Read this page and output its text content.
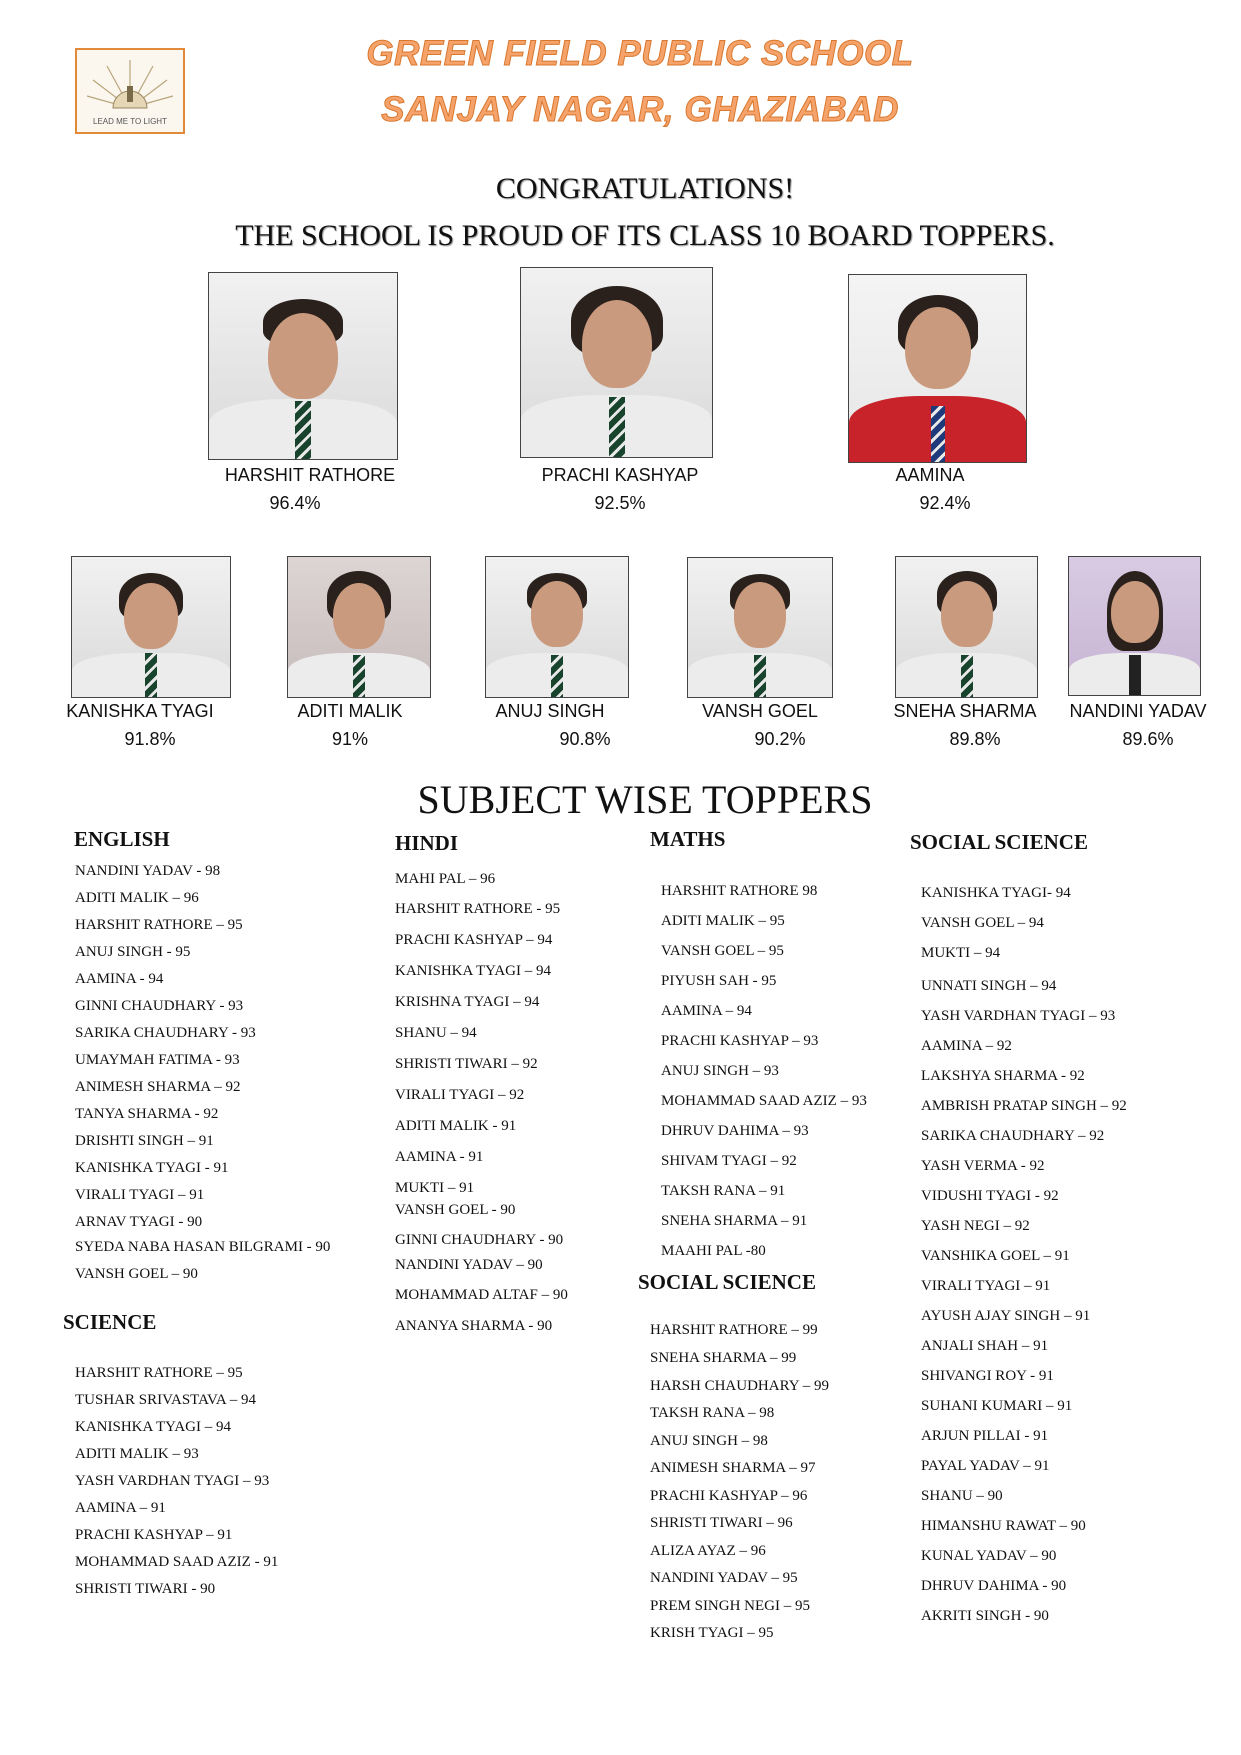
LEAD ME TO LIGHT
GREEN FIELD PUBLIC SCHOOL
SANJAY NAGAR, GHAZIABAD
CONGRATULATIONS!
THE SCHOOL IS PROUD OF ITS CLASS 10 BOARD TOPPERS.
HARSHIT RATHORE
96.4%
PRACHI KASHYAP
92.5%
AAMINA
92.4%
KANISHKA TYAGI
91.8%
ADITI MALIK
91%
ANUJ SINGH
90.8%
VANSH GOEL
90.2%
SNEHA SHARMA
89.8%
NANDINI YADAV
89.6%
SUBJECT WISE TOPPERS
ENGLISH
SCIENCE
HINDI	MATHS
SOCIAL SCIENCE
SOCIAL SCIENCE
NANDINI YADAV - 98
ADITI MALIK – 96
HARSHIT RATHORE – 95
ANUJ SINGH - 95
AAMINA - 94
GINNI CHAUDHARY - 93
SARIKA CHAUDHARY - 93
UMAYMAH FATIMA - 93
ANIMESH SHARMA – 92
TANYA SHARMA - 92
DRISHTI SINGH – 91
KANISHKA TYAGI - 91
VIRALI TYAGI – 91
ARNAV TYAGI - 90
SYEDA NABA HASAN BILGRAMI - 90
VANSH GOEL – 90
HARSHIT RATHORE – 95
TUSHAR SRIVASTAVA – 94
KANISHKA TYAGI – 94
ADITI MALIK – 93
YASH VARDHAN TYAGI – 93
AAMINA – 91
PRACHI KASHYAP – 91
MOHAMMAD SAAD AZIZ - 91
SHRISTI TIWARI - 90
MAHI PAL – 96
HARSHIT RATHORE - 95
PRACHI KASHYAP – 94
KANISHKA TYAGI – 94
KRISHNA TYAGI – 94
SHANU – 94
SHRISTI TIWARI – 92
VIRALI TYAGI – 92
ADITI MALIK - 91
AAMINA - 91
MUKTI – 91
VANSH GOEL - 90
GINNI CHAUDHARY - 90
NANDINI YADAV – 90
MOHAMMAD ALTAF – 90
ANANYA SHARMA - 90
HARSHIT RATHORE 98
ADITI MALIK – 95
VANSH GOEL – 95
PIYUSH SAH - 95
AAMINA – 94
PRACHI KASHYAP – 93
ANUJ SINGH – 93
MOHAMMAD SAAD AZIZ – 93
DHRUV DAHIMA – 93
SHIVAM TYAGI – 92
TAKSH RANA – 91
SNEHA SHARMA – 91
MAAHI PAL -80
HARSHIT RATHORE – 99
SNEHA SHARMA – 99
HARSH CHAUDHARY – 99
TAKSH RANA – 98
ANUJ SINGH – 98
ANIMESH SHARMA – 97
PRACHI KASHYAP – 96
SHRISTI TIWARI – 96
ALIZA AYAZ – 96
NANDINI YADAV – 95
PREM SINGH NEGI – 95
KRISH TYAGI – 95
KANISHKA TYAGI- 94
VANSH GOEL – 94
MUKTI – 94
UNNATI SINGH – 94
YASH VARDHAN TYAGI – 93
AAMINA – 92
LAKSHYA SHARMA - 92
AMBRISH PRATAP SINGH – 92
SARIKA CHAUDHARY – 92
YASH VERMA - 92
VIDUSHI TYAGI - 92
YASH NEGI – 92
VANSHIKA GOEL – 91
VIRALI TYAGI – 91
AYUSH AJAY SINGH – 91
ANJALI SHAH – 91
SHIVANGI ROY - 91
SUHANI KUMARI – 91
ARJUN PILLAI - 91
PAYAL YADAV – 91
SHANU – 90
HIMANSHU RAWAT – 90
KUNAL YADAV – 90
DHRUV DAHIMA - 90
AKRITI SINGH - 90
